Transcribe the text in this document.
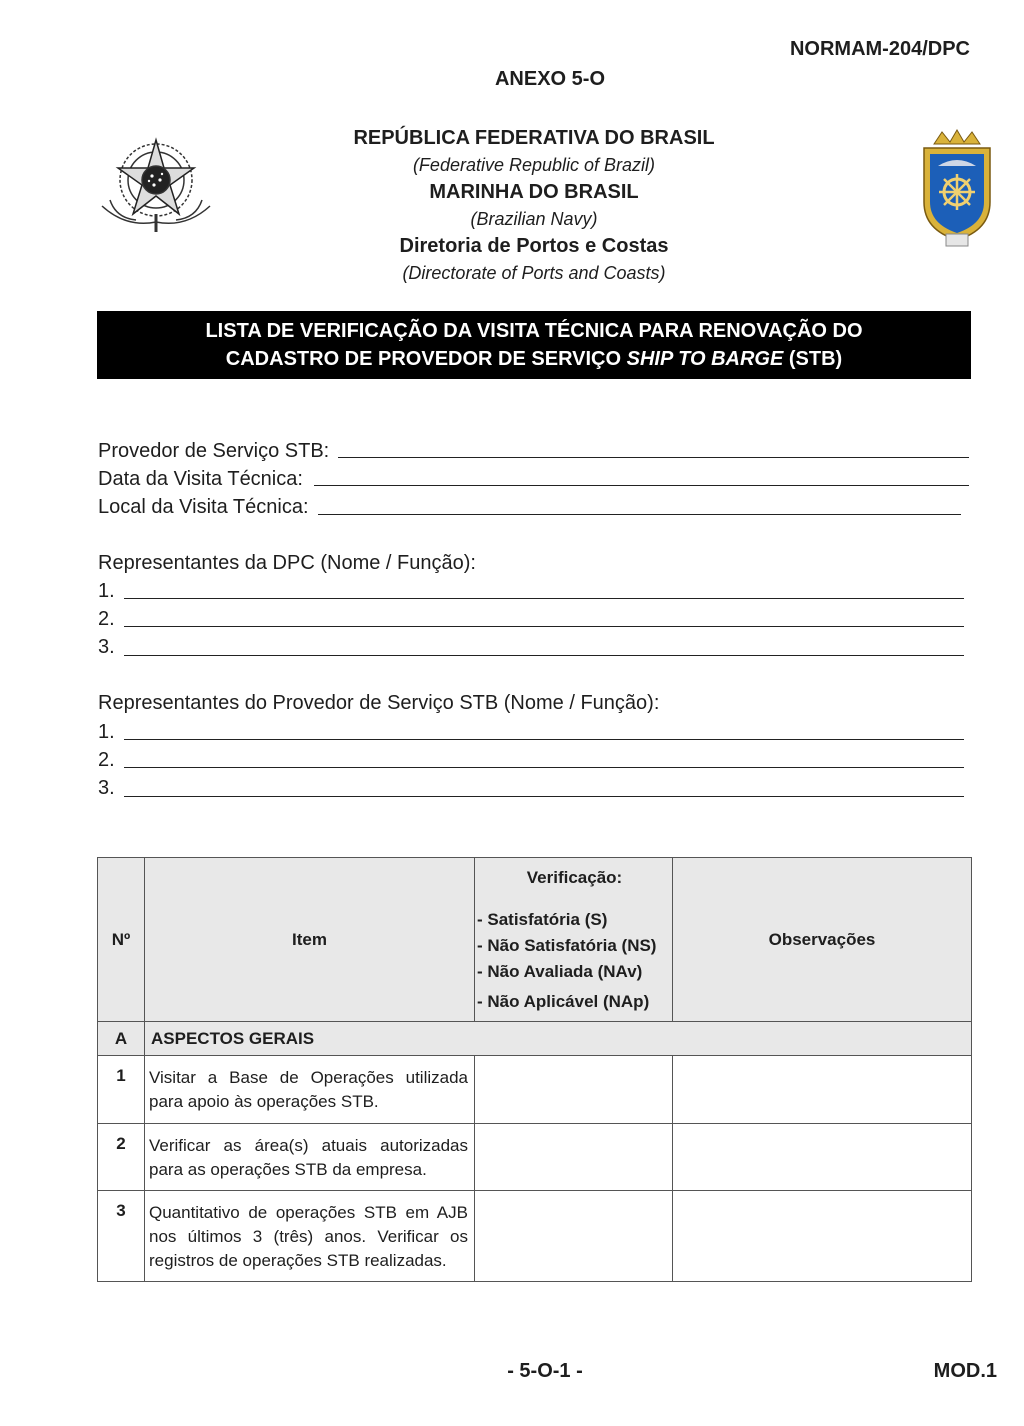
NORMAM-204/DPC
ANEXO 5-O
REPÚBLICA FEDERATIVA DO BRASIL
(Federative Republic of Brazil)
MARINHA DO BRASIL
(Brazilian Navy)
Diretoria de Portos e Costas
(Directorate of Ports and Coasts)
LISTA DE VERIFICAÇÃO DA VISITA TÉCNICA PARA RENOVAÇÃO DO
CADASTRO DE PROVEDOR DE SERVIÇO SHIP TO BARGE (STB)
Provedor de Serviço STB:
Data da Visita Técnica:
Local da Visita Técnica:
Representantes da DPC (Nome / Função):
1.
2.
3.
Representantes do Provedor de Serviço STB (Nome / Função):
1.
2.
3.
Nº	Item	Verificação:
- Satisfatória (S)
- Não Satisfatória (NS)
- Não Avaliada (NAv)
- Não Aplicável (NAp)	Observações
A	ASPECTOS GERAIS		
1	Visitar a Base de Operações utilizada para apoio às operações STB.		
2	Verificar as área(s) atuais autorizadas para as operações STB da empresa.		
3	Quantitativo de operações STB em AJB nos últimos 3 (três) anos. Verificar os registros de operações STB realizadas.		
- 5-O-1 -	MOD.1
